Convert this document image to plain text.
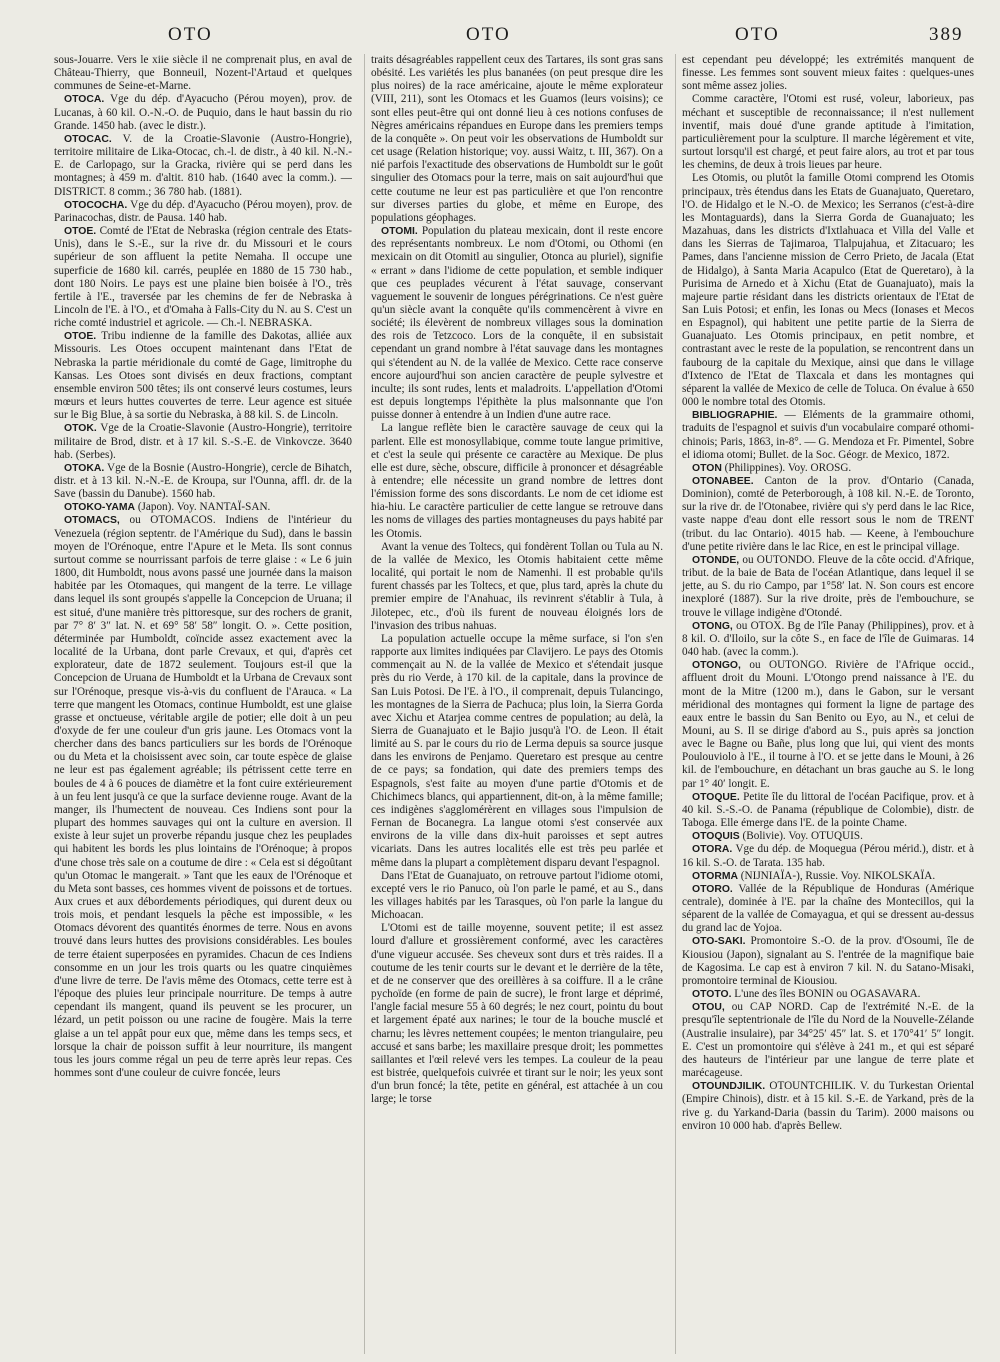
OTO	OTO	OTO	389

sous-Jouarre. Vers le xiie siècle il ne comprenait plus, en aval de Château-Thierry, que Bonneuil, Nozent-l'Artaud et quelques communes de Seine-et-Marne.

OTOCA. Vge du dép. d'Ayacucho (Pérou moyen), prov. de Lucanas, à 60 kil. O.-N.-O. de Puquio, dans le haut bassin du rio Grande. 1450 hab. (avec le distr.).

OTOCAC. V. de la Croatie-Slavonie (Austro-Hongrie), territoire militaire de Lika-Otocac, ch.-l. de distr., à 40 kil. N.-N.-E. de Carlopago, sur la Gracka, rivière qui se perd dans les montagnes; à 459 m. d'altit. 810 hab. (1640 avec la comm.). — DISTRICT. 8 comm.; 36 780 hab. (1881).

OTOCOCHA. Vge du dép. d'Ayacucho (Pérou moyen), prov. de Parinacochas, distr. de Pausa. 140 hab.

OTOE. Comté de l'Etat de Nebraska (région centrale des Etats-Unis), dans le S.-E., sur la rive dr. du Missouri et le cours supérieur de son affluent la petite Nemaha. Il occupe une superficie de 1680 kil. carrés, peuplée en 1880 de 15 730 hab., dont 180 Noirs. Le pays est une plaine bien boisée à l'O., très fertile à l'E., traversée par les chemins de fer de Nebraska à Lincoln de l'E. à l'O., et d'Omaha à Falls-City du N. au S. C'est un riche comté industriel et agricole. — Ch.-l. NEBRASKA.

OTOE. Tribu indienne de la famille des Dakotas, alliée aux Missouris. Les Otoes occupent maintenant dans l'Etat de Nebraska la partie méridionale du comté de Gage, limitrophe du Kansas. Les Otoes sont divisés en deux fractions, comptant ensemble environ 500 têtes; ils ont conservé leurs costumes, leurs mœurs et leurs huttes couvertes de terre. Leur agence est située sur le Big Blue, à sa sortie du Nebraska, à 88 kil. S. de Lincoln.

OTOK. Vge de la Croatie-Slavonie (Austro-Hongrie), territoire militaire de Brod, distr. et à 17 kil. S.-S.-E. de Vinkovcze. 3640 hab. (Serbes).

OTOKA. Vge de la Bosnie (Austro-Hongrie), cercle de Bihatch, distr. et à 13 kil. N.-N.-E. de Kroupa, sur l'Ounna, affl. dr. de la Save (bassin du Danube). 1560 hab.

OTOKO-YAMA (Japon). Voy. NANTAÏ-SAN.

OTOMACS, ou OTOMACOS. Indiens de l'intérieur du Venezuela (région septentr. de l'Amérique du Sud), dans le bassin moyen de l'Orénoque, entre l'Apure et le Meta. Ils sont connus surtout comme se nourrissant parfois de terre glaise : « Le 6 juin 1800, dit Humboldt, nous avons passé une journée dans la maison habitée par les Otomaques, qui mangent de la terre. Le village dans lequel ils sont groupés s'appelle la Concepcion de Uruana; il est situé, d'une manière très pittoresque, sur des rochers de granit, par 7° 8′ 3″ lat. N. et 69° 58′ 58″ longit. O. ». Cette position, déterminée par Humboldt, coïncide assez exactement avec la localité de la Urbana, dont parle Crevaux, et qui, d'après cet explorateur, date de 1872 seulement. Toujours est-il que la Concepcion de Uruana de Humboldt et la Urbana de Crevaux sont sur l'Orénoque, presque vis-à-vis du confluent de l'Arauca. « La terre que mangent les Otomacs, continue Humboldt, est une glaise grasse et onctueuse, véritable argile de potier; elle doit à un peu d'oxyde de fer une couleur d'un gris jaune. Les Otomacs vont la chercher dans des bancs particuliers sur les bords de l'Orénoque ou du Meta et la choisissent avec soin, car toute espèce de glaise ne leur est pas également agréable; ils pétrissent cette terre en boules de 4 à 6 pouces de diamètre et la font cuire extérieurement à un feu lent jusqu'à ce que la surface devienne rouge. Avant de la manger, ils l'humectent de nouveau. Ces Indiens sont pour la plupart des hommes sauvages qui ont la culture en aversion. Il existe à leur sujet un proverbe répandu jusque chez les peuplades qui habitent les bords les plus lointains de l'Orénoque; à propos d'une chose très sale on a coutume de dire : « Cela est si dégoûtant qu'un Otomac le mangerait. » Tant que les eaux de l'Orénoque et du Meta sont basses, ces hommes vivent de poissons et de tortues. Aux crues et aux débordements périodiques, qui durent deux ou trois mois, et pendant lesquels la pêche est impossible, « les Otomacs dévorent des quantités énormes de terre. Nous en avons trouvé dans leurs huttes des provisions considérables. Les boules de terre étaient superposées en pyramides. Chacun de ces Indiens consomme en un jour les trois quarts ou les quatre cinquièmes d'une livre de terre. De l'avis même des Otomacs, cette terre est à l'époque des pluies leur principale nourriture. De temps à autre cependant ils mangent, quand ils peuvent se les procurer, un lézard, un petit poisson ou une racine de fougère. Mais la terre glaise a un tel appât pour eux que, même dans les temps secs, et lorsque la chair de poisson suffit à leur nourriture, ils mangent tous les jours comme régal un peu de terre après leur repas. Ces hommes sont d'une couleur de cuivre foncée, leurs

traits désagréables rappellent ceux des Tartares, ils sont gras sans obésité. Les variétés les plus bananées (on peut presque dire les plus noires) de la race américaine, ajoute le même explorateur (VIII, 211), sont les Otomacs et les Guamos (leurs voisins); ce sont elles peut-être qui ont donné lieu à ces notions confuses de Nègres américains répandues en Europe dans les premiers temps de la conquête ». On peut voir les observations de Humboldt sur cet usage (Relation historique; voy. aussi Waitz, t. III, 367). On a nié parfois l'exactitude des observations de Humboldt sur le goût singulier des Otomacs pour la terre, mais on sait aujourd'hui que cette coutume ne leur est pas particulière et que l'on rencontre sur diverses parties du globe, et même en Europe, des populations géophages.

OTOMI. Population du plateau mexicain, dont il reste encore des représentants nombreux. Le nom d'Otomi, ou Othomi (en mexicain on dit Otomitl au singulier, Otonca au pluriel), signifie « errant » dans l'idiome de cette population, et semble indiquer que ces peuplades vécurent à l'état sauvage, conservant vaguement le souvenir de longues pérégrinations. Ce n'est guère qu'un siècle avant la conquête qu'ils commencèrent à vivre en société; ils élevèrent de nombreux villages sous la domination des rois de Tetzcoco. Lors de la conquête, il en subsistait cependant un grand nombre à l'état sauvage dans les montagnes qui s'étendent au N. de la vallée de Mexico. Cette race conserve encore aujourd'hui son ancien caractère de peuple sylvestre et inculte; ils sont rudes, lents et maladroits. L'appellation d'Otomi est depuis longtemps l'épithète la plus malsonnante que l'on puisse donner à entendre à un Indien d'une autre race.

La langue reflète bien le caractère sauvage de ceux qui la parlent. Elle est monosyllabique, comme toute langue primitive, et c'est la seule qui présente ce caractère au Mexique. De plus elle est dure, sèche, obscure, difficile à prononcer et désagréable à entendre; elle nécessite un grand nombre de lettres dont l'émission forme des sons discordants. Le nom de cet idiome est hia-hiu. Le caractère particulier de cette langue se retrouve dans les noms de villages des parties montagneuses du pays habité par les Otomis.

Avant la venue des Toltecs, qui fondèrent Tollan ou Tula au N. de la vallée de Mexico, les Otomis habitaient cette même localité, qui portait le nom de Namenhi. Il est probable qu'ils furent chassés par les Toltecs, et que, plus tard, après la chute du premier empire de l'Anahuac, ils revinrent s'établir à Tula, à Jilotepec, etc., d'où ils furent de nouveau éloignés lors de l'invasion des tribus nahuas.

La population actuelle occupe la même surface, si l'on s'en rapporte aux limites indiquées par Clavijero. Le pays des Otomis commençait au N. de la vallée de Mexico et s'étendait jusque près du rio Verde, à 170 kil. de la capitale, dans la province de San Luis Potosi. De l'E. à l'O., il comprenait, depuis Tulancingo, les montagnes de la Sierra de Pachuca; plus loin, la Sierra Gorda avec Xichu et Atarjea comme centres de population; au delà, la Sierra de Guanajuato et le Bajio jusqu'à l'O. de Leon. Il était limité au S. par le cours du rio de Lerma depuis sa source jusque dans les environs de Penjamo. Queretaro est presque au centre de ce pays; sa fondation, qui date des premiers temps des Espagnols, s'est faite au moyen d'une partie d'Otomis et de Chichimecs blancs, qui appartiennent, dit-on, à la même famille; ces indigènes s'agglomérèrent en villages sous l'impulsion de Fernan de Bocanegra. La langue otomi s'est conservée aux environs de la ville dans dix-huit paroisses et sept autres vicariats. Dans les autres localités elle est très peu parlée et même dans la plupart a complètement disparu devant l'espagnol.

Dans l'Etat de Guanajuato, on retrouve partout l'idiome otomi, excepté vers le rio Panuco, où l'on parle le pamé, et au S., dans les villages habités par les Tarasques, où l'on parle la langue du Michoacan.

L'Otomi est de taille moyenne, souvent petite; il est assez lourd d'allure et grossièrement conformé, avec les caractères d'une vigueur accusée. Ses cheveux sont durs et très raides. Il a coutume de les tenir courts sur le devant et le derrière de la tête, et de ne conserver que des oreillères à sa coiffure. Il a le crâne pychoïde (en forme de pain de sucre), le front large et déprimé, l'angle facial mesure 55 à 60 degrés; le nez court, pointu du bout et largement épaté aux narines; le tour de la bouche musclé et charnu; les lèvres nettement coupées; le menton triangulaire, peu accusé et sans barbe; les maxillaire presque droit; les pommettes saillantes et l'œil relevé vers les tempes. La couleur de la peau est bistrée, quelquefois cuivrée et tirant sur le noir; les yeux sont d'un brun foncé; la tête, petite en général, est attachée à un cou large; le torse

est cependant peu développé; les extrémités manquent de finesse. Les femmes sont souvent mieux faites : quelques-unes sont même assez jolies.

Comme caractère, l'Otomi est rusé, voleur, laborieux, pas méchant et susceptible de reconnaissance; il n'est nullement inventif, mais doué d'une grande aptitude à l'imitation, particulièrement pour la sculpture. Il marche légèrement et vite, surtout lorsqu'il est chargé, et peut faire alors, au trot et par tous les chemins, de deux à trois lieues par heure.

Les Otomis, ou plutôt la famille Otomi comprend les Otomis principaux, très étendus dans les Etats de Guanajuato, Queretaro, l'O. de Hidalgo et le N.-O. de Mexico; les Serranos (c'est-à-dire les Montaguards), dans la Sierra Gorda de Guanajuato; les Mazahuas, dans les districts d'Ixtlahuaca et Villa del Valle et dans les Sierras de Tajimaroa, Tlalpujahua, et Zitacuaro; les Pames, dans l'ancienne mission de Cerro Prieto, de Jacala (Etat de Hidalgo), à Santa Maria Acapulco (Etat de Queretaro), à la Purisima de Arnedo et à Xichu (Etat de Guanajuato), mais la majeure partie résidant dans les districts orientaux de l'Etat de San Luis Potosi; et enfin, les Ionas ou Mecs (Ionases et Mecos en Espagnol), qui habitent une petite partie de la Sierra de Guanajuato. Les Otomis principaux, en petit nombre, et contrastant avec le reste de la population, se rencontrent dans un faubourg de la capitale du Mexique, ainsi que dans le village d'Ixtenco de l'Etat de Tlaxcala et dans les montagnes qui séparent la vallée de Mexico de celle de Toluca. On évalue à 650 000 le nombre total des Otomis.

BIBLIOGRAPHIE. — Eléments de la grammaire othomi, traduits de l'espagnol et suivis d'un vocabulaire comparé othomi-chinois; Paris, 1863, in-8°. — G. Mendoza et Fr. Pimentel, Sobre el idioma otomi; Bullet. de la Soc. Géogr. de Mexico, 1872.

OTON (Philippines). Voy. OROSG.

OTONABEE. Canton de la prov. d'Ontario (Canada, Dominion), comté de Peterborough, à 108 kil. N.-E. de Toronto, sur la rive dr. de l'Otonabee, rivière qui s'y perd dans le lac Rice, vaste nappe d'eau dont elle ressort sous le nom de TRENT (tribut. du lac Ontario). 4015 hab. — Keene, à l'embouchure d'une petite rivière dans le lac Rice, en est le principal village.

OTONDE, ou OUTONDO. Fleuve de la côte occid. d'Afrique, tribut. de la baie de Bata de l'océan Atlantique, dans lequel il se jette, au S. du rio Campo, par 1°58′ lat. N. Son cours est encore inexploré (1887). Sur la rive droite, près de l'embouchure, se trouve le village indigène d'Otondé.

OTONG, ou OTOX. Bg de l'île Panay (Philippines), prov. et à 8 kil. O. d'Iloilo, sur la côte S., en face de l'île de Guimaras. 14 040 hab. (avec la comm.).

OTONGO, ou OUTONGO. Rivière de l'Afrique occid., affluent droit du Mouni. L'Otongo prend naissance à l'E. du mont de la Mitre (1200 m.), dans le Gabon, sur le versant méridional des montagnes qui forment la ligne de partage des eaux entre le bassin du San Benito ou Eyo, au N., et celui de Mouni, au S. Il se dirige d'abord au S., puis après sa jonction avec le Bagne ou Bañe, plus long que lui, qui vient des monts Poulouviolo à l'E., il tourne à l'O. et se jette dans le Mouni, à 26 kil. de l'embouchure, en détachant un bras gauche au S. le long par 1° 40′ longit. E.

OTOQUE. Petite île du littoral de l'océan Pacifique, prov. et à 40 kil. S.-S.-O. de Panama (république de Colombie), distr. de Taboga. Elle émerge dans l'E. de la pointe Chame.

OTOQUIS (Bolivie). Voy. OTUQUIS.

OTORA. Vge du dép. de Moquegua (Pérou mérid.), distr. et à 16 kil. S.-O. de Tarata. 135 hab.

OTORMA (NIJNIAÏA-), Russie. Voy. NIKOLSKAÏA.

OTORO. Vallée de la République de Honduras (Amérique centrale), dominée à l'E. par la chaîne des Montecillos, qui la séparent de la vallée de Comayagua, et qui se dressent au-dessus du grand lac de Yojoa.

OTO-SAKI. Promontoire S.-O. de la prov. d'Osoumi, île de Kiousiou (Japon), signalant au S. l'entrée de la magnifique baie de Kagosima. Le cap est à environ 7 kil. N. du Satano-Misaki, promontoire terminal de Kiousiou.

OTOTO. L'une des îles BONIN ou OGASAVARA.

OTOU, ou CAP NORD. Cap de l'extrémité N.-E. de la presqu'île septentrionale de l'île du Nord de la Nouvelle-Zélande (Australie insulaire), par 34°25′ 45″ lat. S. et 170°41′ 5″ longit. E. C'est un promontoire qui s'élève à 241 m., et qui est séparé des hauteurs de l'intérieur par une langue de terre plate et marécageuse.

OTOUNDJILIK. OTOUNTCHILIK. V. du Turkestan Oriental (Empire Chinois), distr. et à 15 kil. S.-E. de Yarkand, près de la rive g. du Yarkand-Daria (bassin du Tarim). 2000 maisons ou environ 10 000 hab. d'après Bellew.
